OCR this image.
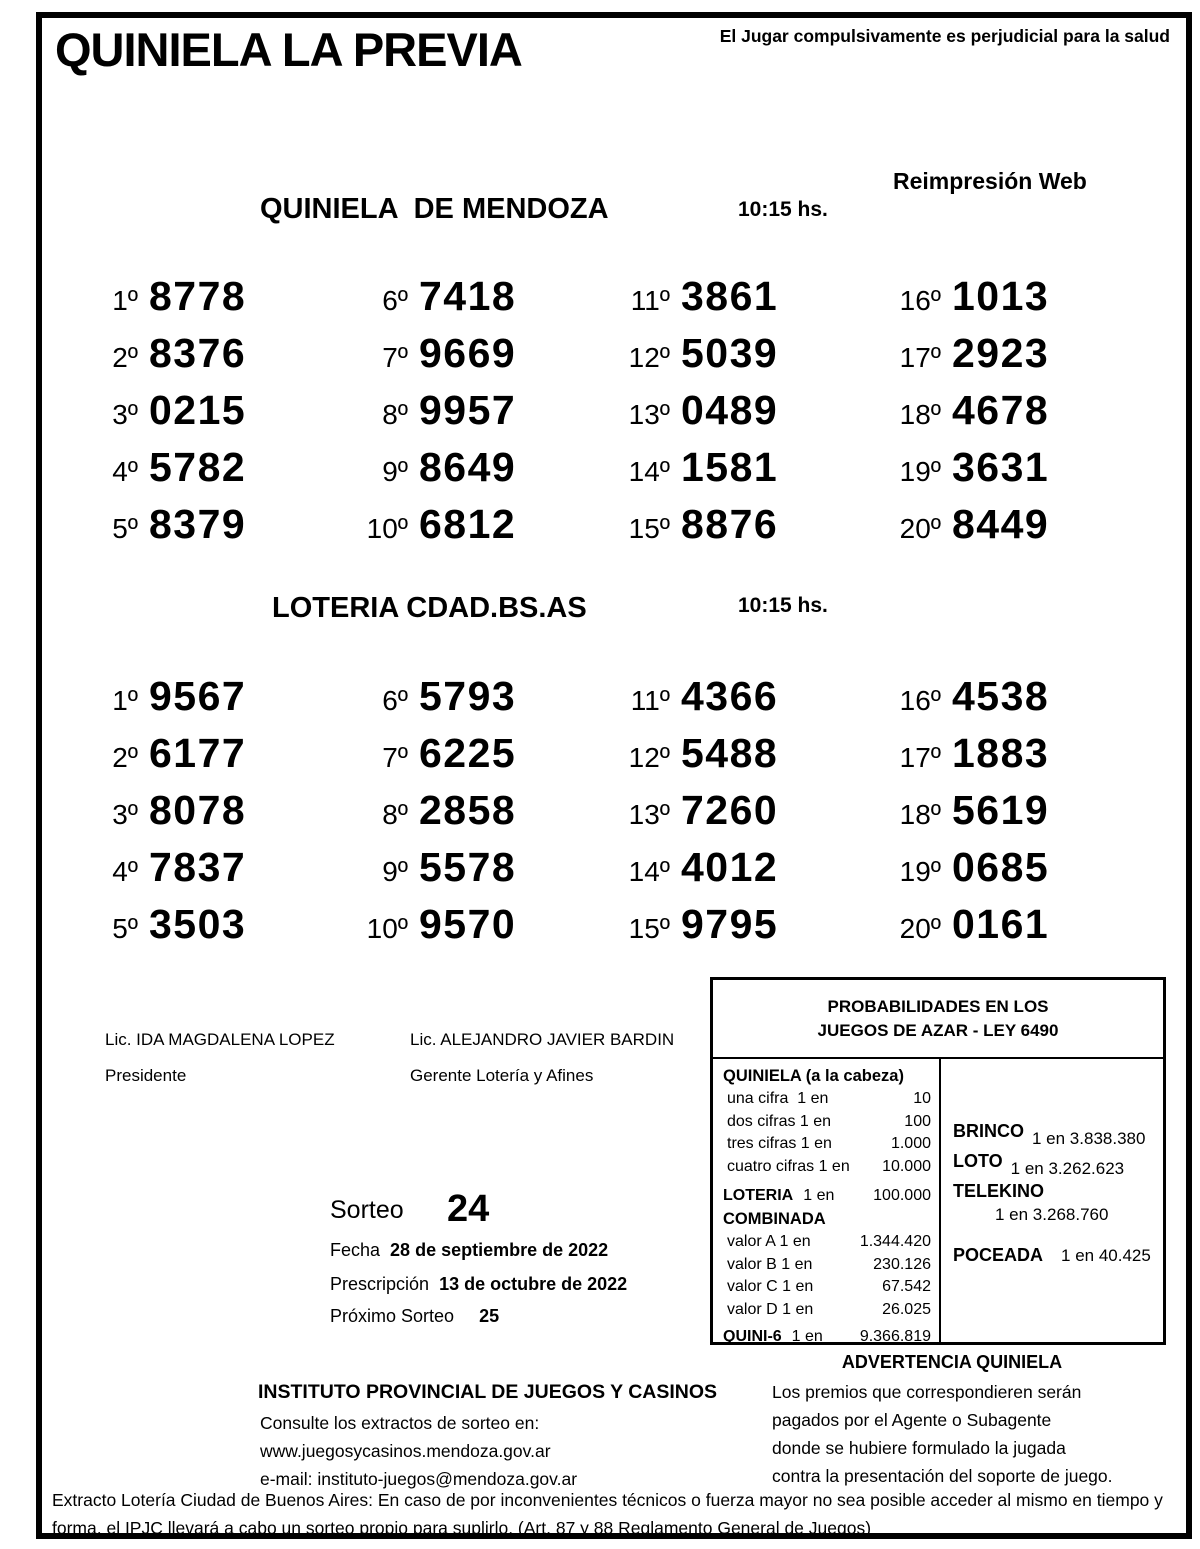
QUINIELA LA PREVIA	El Jugar compulsivamente es perjudicial para la salud
Reimpresión Web
QUINIELA  DE MENDOZA	10:15 hs.
1º 8778
2º 8376
3º 0215
4º 5782
5º 8379
6º 7418
7º 9669
8º 9957
9º 8649
10º 6812
11º 3861
12º 5039
13º 0489
14º 1581
15º 8876
16º 1013
17º 2923
18º 4678
19º 3631
20º 8449
LOTERIA CDAD.BS.AS	10:15 hs.
1º 9567
2º 6177
3º 8078
4º 7837
5º 3503
6º 5793
7º 6225
8º 2858
9º 5578
10º 9570
11º 4366
12º 5488
13º 7260
14º 4012
15º 9795
16º 4538
17º 1883
18º 5619
19º 0685
20º 0161
Lic. IDA MAGDALENA LOPEZ
Presidente
Lic. ALEJANDRO JAVIER BARDIN
Gerente Lotería y Afines
PROBABILIDADES EN LOS
JUEGOS DE AZAR - LEY 6490
QUINIELA (a la cabeza)
una cifra  1 en	10
dos cifras 1 en	100
tres cifras 1 en	1.000
cuatro cifras 1 en 10.000
LOTERIA 1 en 100.000
COMBINADA
valor A 1 en	1.344.420
valor B 1 en	230.126
valor C 1 en	67.542
valor D 1 en	26.025
QUINI-6 1 en 9.366.819
BRINCO 1 en 3.838.380
LOTO 1 en 3.262.623
TELEKINO
1 en 3.268.760
POCEADA 1 en 40.425
Sorteo 24
Fecha 28 de septiembre de 2022
Prescripción 13 de octubre de 2022
Próximo Sorteo 25
INSTITUTO PROVINCIAL DE JUEGOS Y CASINOS
Consulte los extractos de sorteo en:
www.juegosycasinos.mendoza.gov.ar
e-mail: instituto-juegos@mendoza.gov.ar
ADVERTENCIA QUINIELA
Los premios que correspondieren serán
pagados por el Agente o Subagente
donde se hubiere formulado la jugada
contra la presentación del soporte de juego.
Extracto Lotería Ciudad de Buenos Aires: En caso de por inconvenientes técnicos o fuerza mayor no sea posible acceder al mismo en tiempo y
forma, el IPJC llevará a cabo un sorteo propio para suplirlo. (Art. 87 y 88 Reglamento General de Juegos)
